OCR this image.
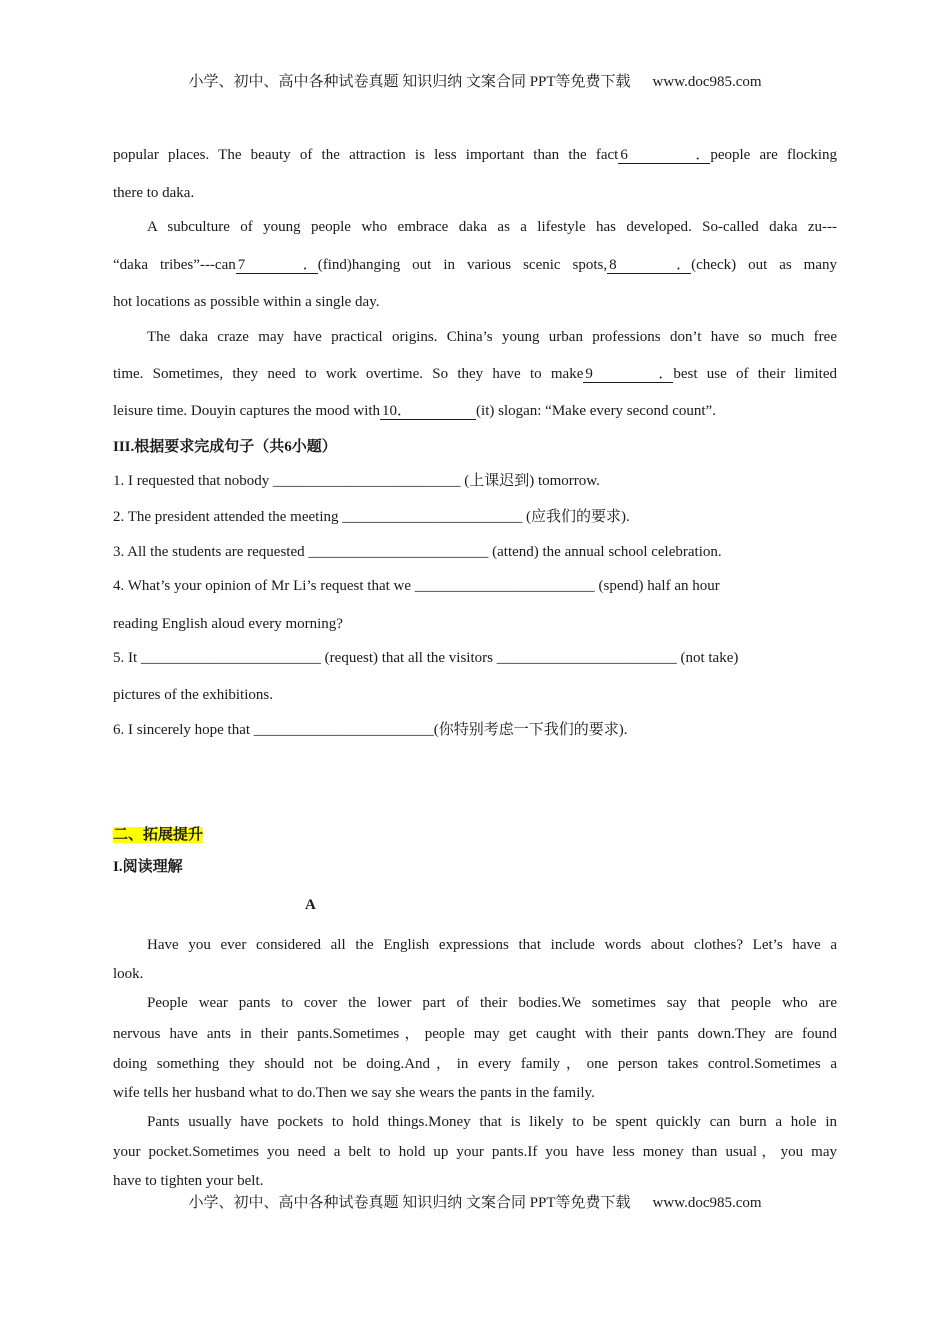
小学、初中、高中各种试卷真题 知识归纳 文案合同 PPT等免费下载 www.doc985.com
popular places. The beauty of the attraction is less important than the fact 6．people are flocking
there to daka.
A subculture of young people who embrace daka as a lifestyle has developed. So-called daka zu---
“daka tribes”---can 7．(find)hanging out in various scenic spots, 8．(check) out as many
hot locations as possible within a single day.
The daka craze may have practical origins. China’s young urban professions don’t have so much free
time. Sometimes, they need to work overtime. So they have to make 9．best use of their limited
leisure time. Douyin captures the mood with 10．	(it) slogan: “Make every second count”.
III.根据要求完成句子（共6小题）
1. I requested that nobody _________________________ (上课迟到) tomorrow.
2. The president attended the meeting ________________________ (应我们的要求).
3. All the students are requested ________________________ (attend) the annual school celebration.
4. What’s your opinion of Mr Li’s request that we ________________________ (spend) half an hour
reading English aloud every morning?
5. It ________________________ (request) that all the visitors ________________________ (not take)
pictures of the exhibitions.
6. I sincerely hope that ________________________(你特别考虑一下我们的要求).
二、拓展提升
I.阅读理解
A
Have you ever considered all the English expressions that include words about clothes? Let’s have a
look.
People wear pants to cover the lower part of their bodies.We sometimes say that people who are
nervous have ants in their pants.Sometimes，people may get caught with their pants down.They are found
doing something they should not be doing.And，in every family，one person takes control.Sometimes a
wife tells her husband what to do.Then we say she wears the pants in the family.
Pants usually have pockets to hold things.Money that is likely to be spent quickly can burn a hole in
your pocket.Sometimes you need a belt to hold up your pants.If you have less money than usual，you may
have to tighten your belt.
小学、初中、高中各种试卷真题 知识归纳 文案合同 PPT等免费下载 www.doc985.com
